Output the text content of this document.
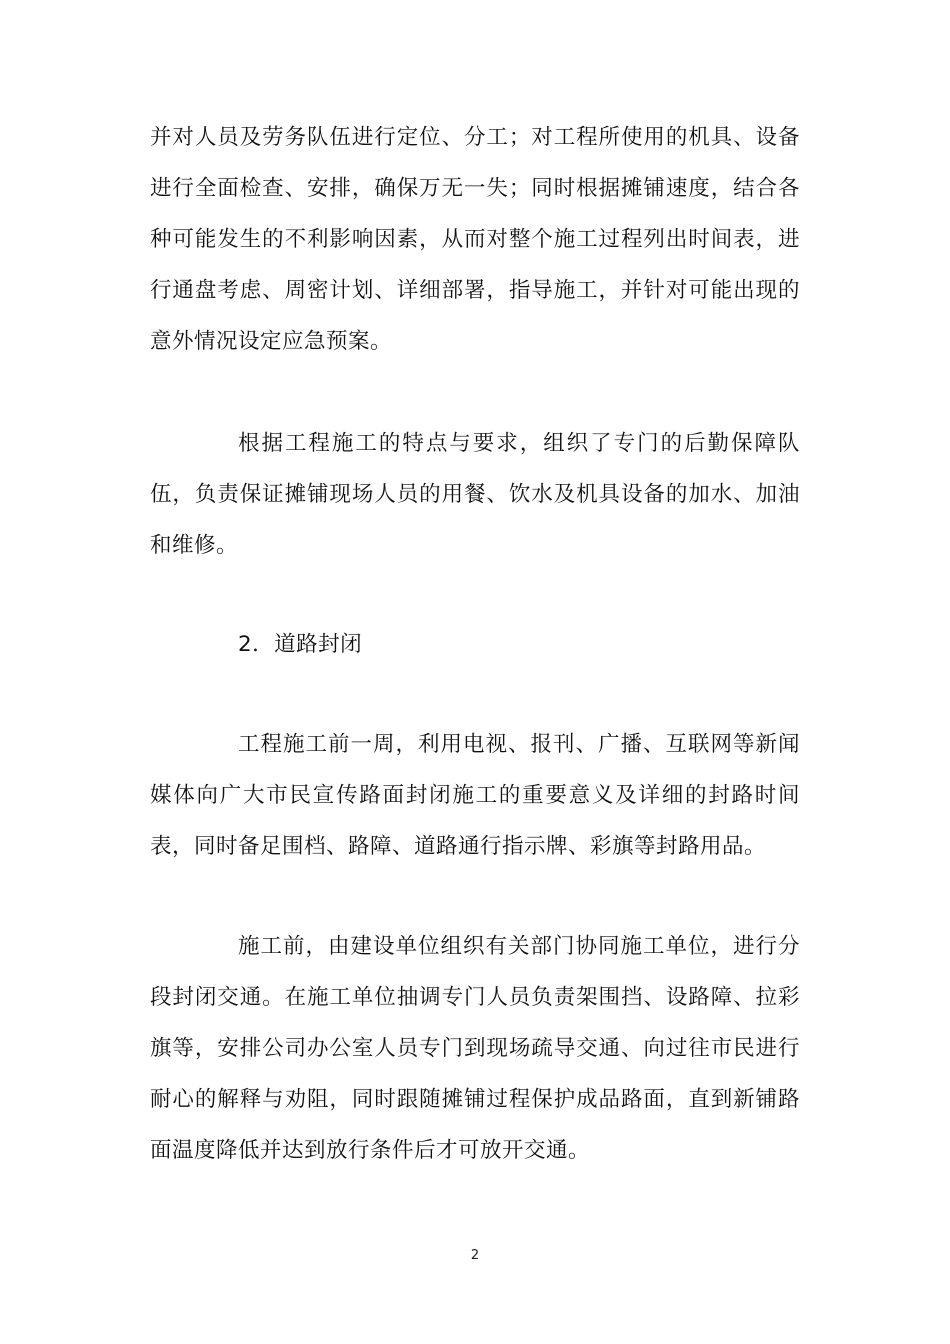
并对人员及劳务队伍进行定位、分工；对工程所使用的机具、设备进行全面检查、安排，确保万无一失；同时根据摊铺速度，结合各种可能发生的不利影响因素，从而对整个施工过程列出时间表，进行通盘考虑、周密计划、详细部署，指导施工，并针对可能出现的意外情况设定应急预案。

根据工程施工的特点与要求，组织了专门的后勤保障队伍，负责保证摊铺现场人员的用餐、饮水及机具设备的加水、加油和维修。

2．道路封闭

工程施工前一周，利用电视、报刊、广播、互联网等新闻媒体向广大市民宣传路面封闭施工的重要意义及详细的封路时间表，同时备足围档、路障、道路通行指示牌、彩旗等封路用品。

施工前，由建设单位组织有关部门协同施工单位，进行分段封闭交通。在施工单位抽调专门人员负责架围挡、设路障、拉彩旗等，安排公司办公室人员专门到现场疏导交通、向过往市民进行耐心的解释与劝阻，同时跟随摊铺过程保护成品路面，直到新铺路面温度降低并达到放行条件后才可放开交通。

2
